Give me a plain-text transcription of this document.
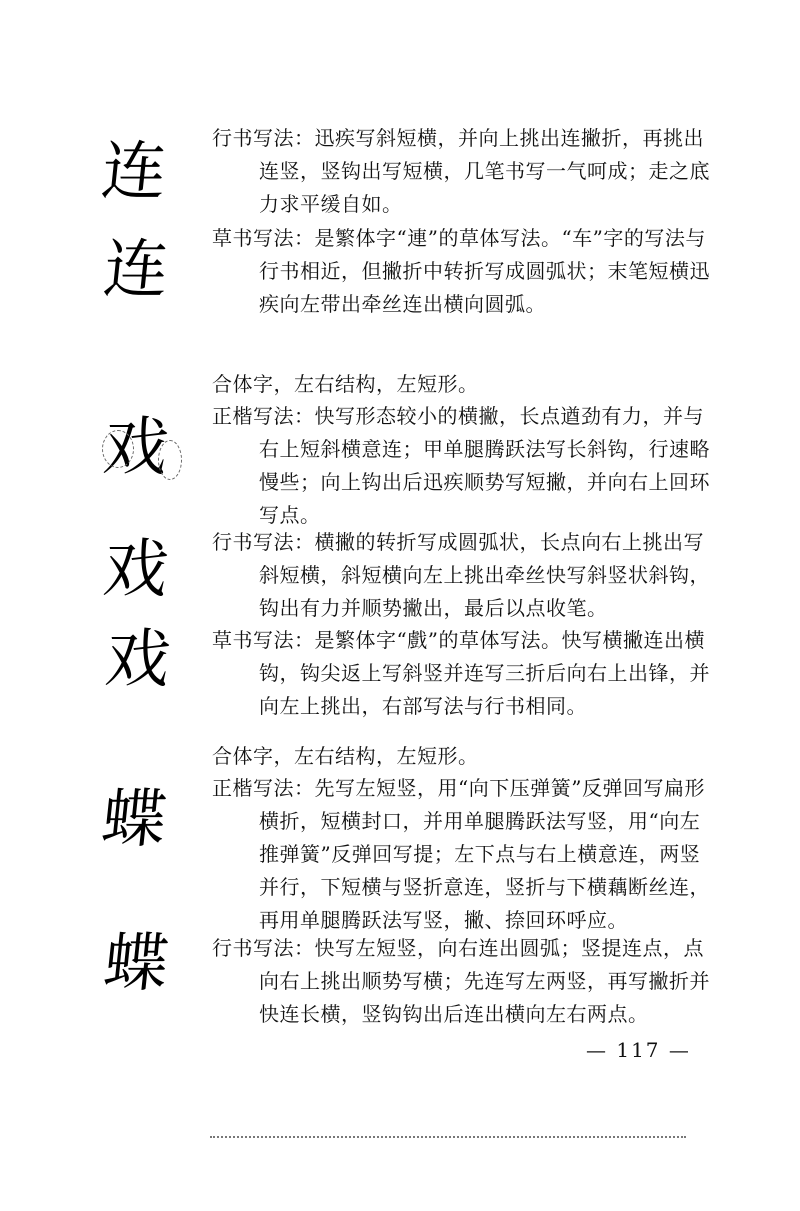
连
连
戏
戏
戏
蝶
蝶

行书写法：迅疾写斜短横，并向上挑出连撇折，再挑出连竖，竖钩出写短横，几笔书写一气呵成；走之底力求平缓自如。

草书写法：是繁体字“連”的草体写法。“车”字的写法与行书相近，但撇折中转折写成圆弧状；末笔短横迅疾向左带出牵丝连出横向圆弧。

合体字，左右结构，左短形。

正楷写法：快写形态较小的横撇，长点遒劲有力，并与右上短斜横意连；甲单腿腾跃法写长斜钩，行速略慢些；向上钩出后迅疾顺势写短撇，并向右上回环写点。

行书写法：横撇的转折写成圆弧状，长点向右上挑出写斜短横，斜短横向左上挑出牵丝快写斜竖状斜钩，钩出有力并顺势撇出，最后以点收笔。

草书写法：是繁体字“戲”的草体写法。快写横撇连出横钩，钩尖返上写斜竖并连写三折后向右上出锋，并向左上挑出，右部写法与行书相同。

合体字，左右结构，左短形。

正楷写法：先写左短竖，用“向下压弹簧”反弹回写扁形横折，短横封口，并用单腿腾跃法写竖，用“向左推弹簧”反弹回写提；左下点与右上横意连，两竖并行，下短横与竖折意连，竖折与下横藕断丝连，再用单腿腾跃法写竖，撇、捺回环呼应。

行书写法：快写左短竖，向右连出圆弧；竖提连点，点向右上挑出顺势写横；先连写左两竖，再写撇折并快连长横，竖钩钩出后连出横向左右两点。

— 117 —
